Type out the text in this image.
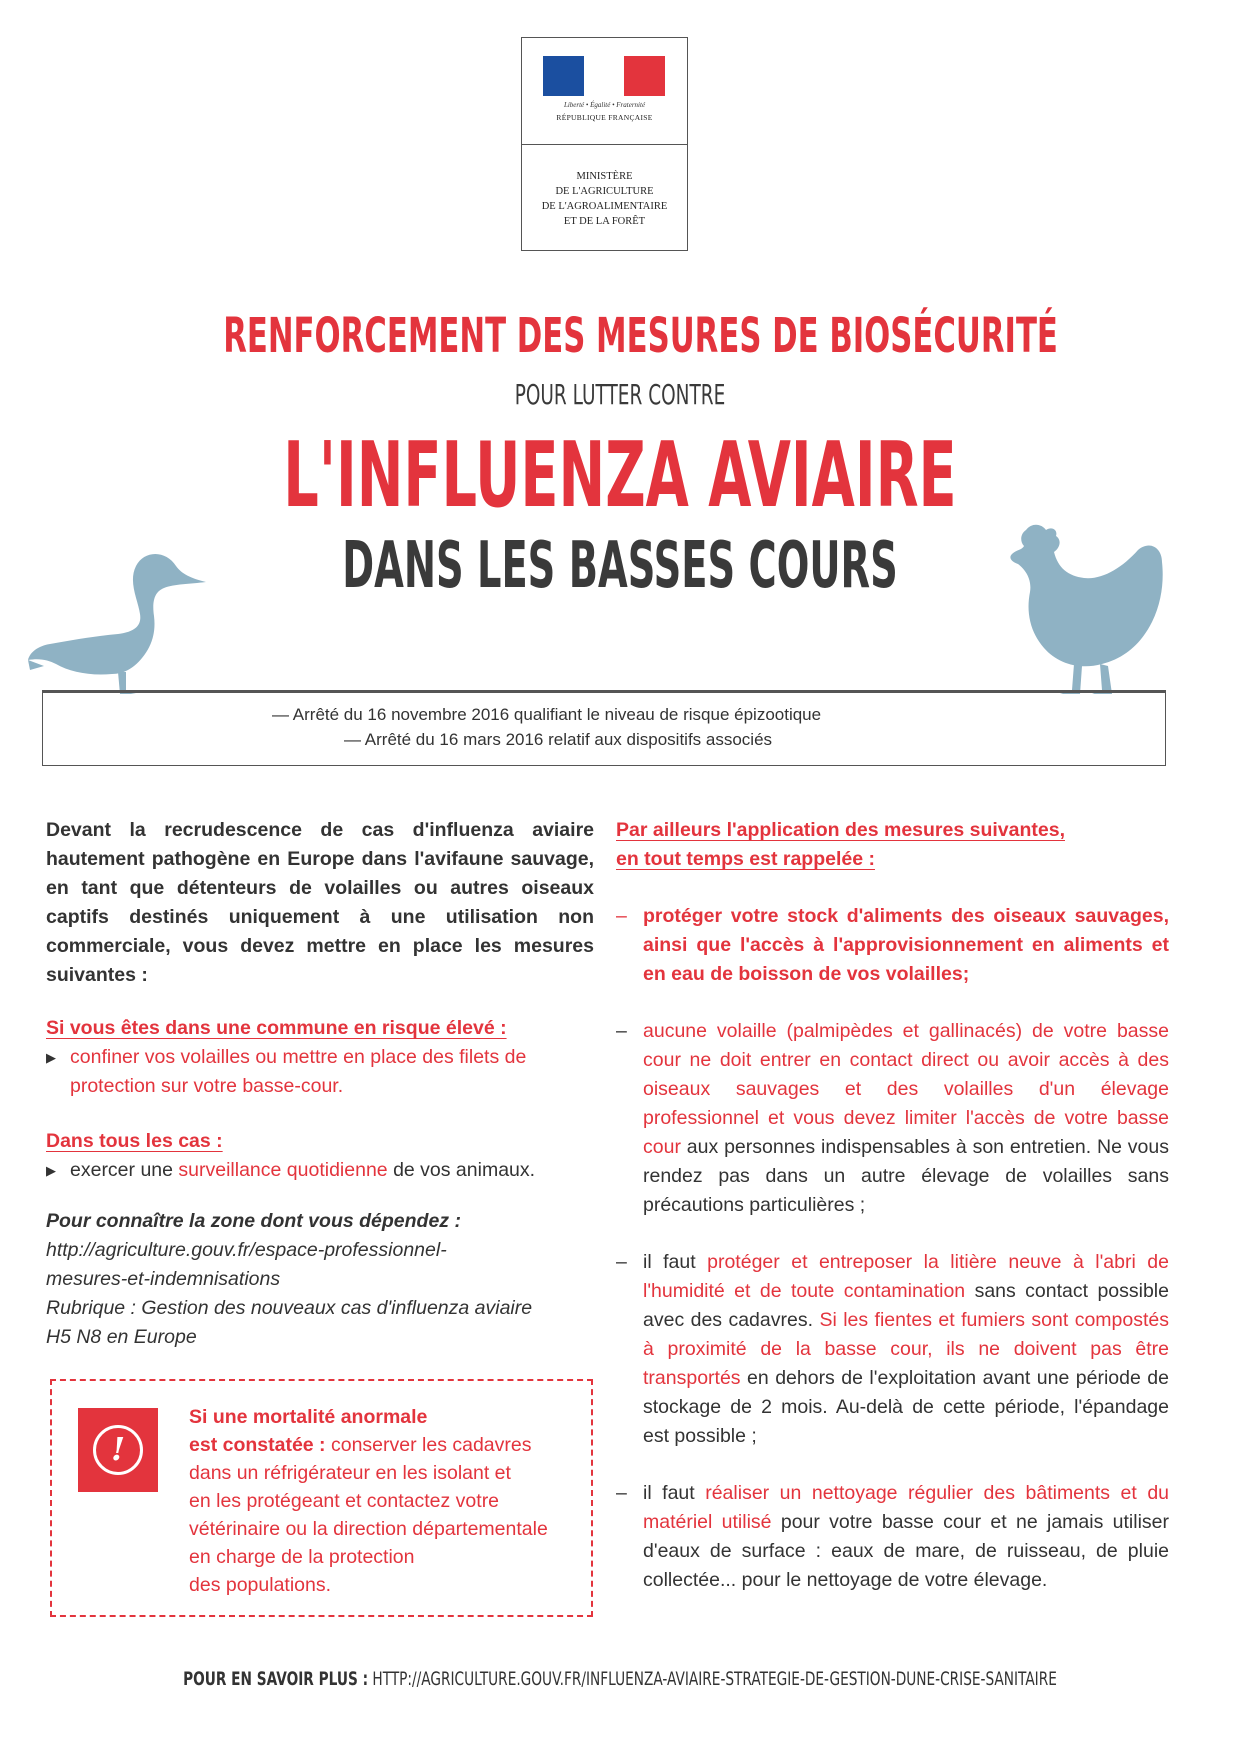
Liberté • Égalité • Fraternité
RÉPUBLIQUE FRANÇAISE
MINISTÈRE
DE L'AGRICULTURE
DE L'AGROALIMENTAIRE
ET DE LA FORÊT
RENFORCEMENT DES MESURES DE BIOSÉCURITÉ
POUR LUTTER CONTRE
L'INFLUENZA AVIAIRE
DANS LES BASSES COURS
— Arrêté du 16 novembre 2016 qualifiant le niveau de risque épizootique
— Arrêté du 16 mars 2016 relatif aux dispositifs associés

Devant la recrudescence de cas d'influenza aviaire hautement pathogène en Europe dans l'avifaune sauvage, en tant que détenteurs de volailles ou autres oiseaux captifs destinés uniquement à une utilisation non commerciale, vous devez mettre en place les mesures suivantes :

Si vous êtes dans une commune en risque élevé :

▶ confiner vos volailles ou mettre en place des filets de protection sur votre basse-cour.

Dans tous les cas :

▶ exercer une surveillance quotidienne de vos animaux.

Pour connaître la zone dont vous dépendez :

http://agriculture.gouv.fr/espace-professionnel-

mesures-et-indemnisations

Rubrique : Gestion des nouveaux cas d'influenza aviaire

H5 N8 en Europe

!
Si une mortalité anormale
est constatée : conserver les cadavres
dans un réfrigérateur en les isolant et
en les protégeant et contactez votre
vétérinaire ou la direction départementale
en charge de la protection
des populations.

Par ailleurs l'application des mesures suivantes,

en tout temps est rappelée :

– protéger votre stock d'aliments des oiseaux sauvages, ainsi que l'accès à l'approvisionnement en aliments et en eau de boisson de vos volailles;
– aucune volaille (palmipèdes et gallinacés) de votre basse cour ne doit entrer en contact direct ou avoir accès à des oiseaux sauvages et des volailles d'un élevage professionnel et vous devez limiter l'accès de votre basse cour aux personnes indispensables à son entretien. Ne vous rendez pas dans un autre élevage de volailles sans précautions particulières ;
– il faut protéger et entreposer la litière neuve à l'abri de l'humidité et de toute contamination sans contact possible avec des cadavres. Si les fientes et fumiers sont compostés à proximité de la basse cour, ils ne doivent pas être transportés en dehors de l'exploitation avant une période de stockage de 2 mois. Au-delà de cette période, l'épandage est possible ;
– il faut réaliser un nettoyage régulier des bâtiments et du matériel utilisé pour votre basse cour et ne jamais utiliser d'eaux de surface : eaux de mare, de ruisseau, de pluie collectée... pour le nettoyage de votre élevage.
POUR EN SAVOIR PLUS : HTTP://AGRICULTURE.GOUV.FR/INFLUENZA-AVIAIRE-STRATEGIE-DE-GESTION-DUNE-CRISE-SANITAIRE
